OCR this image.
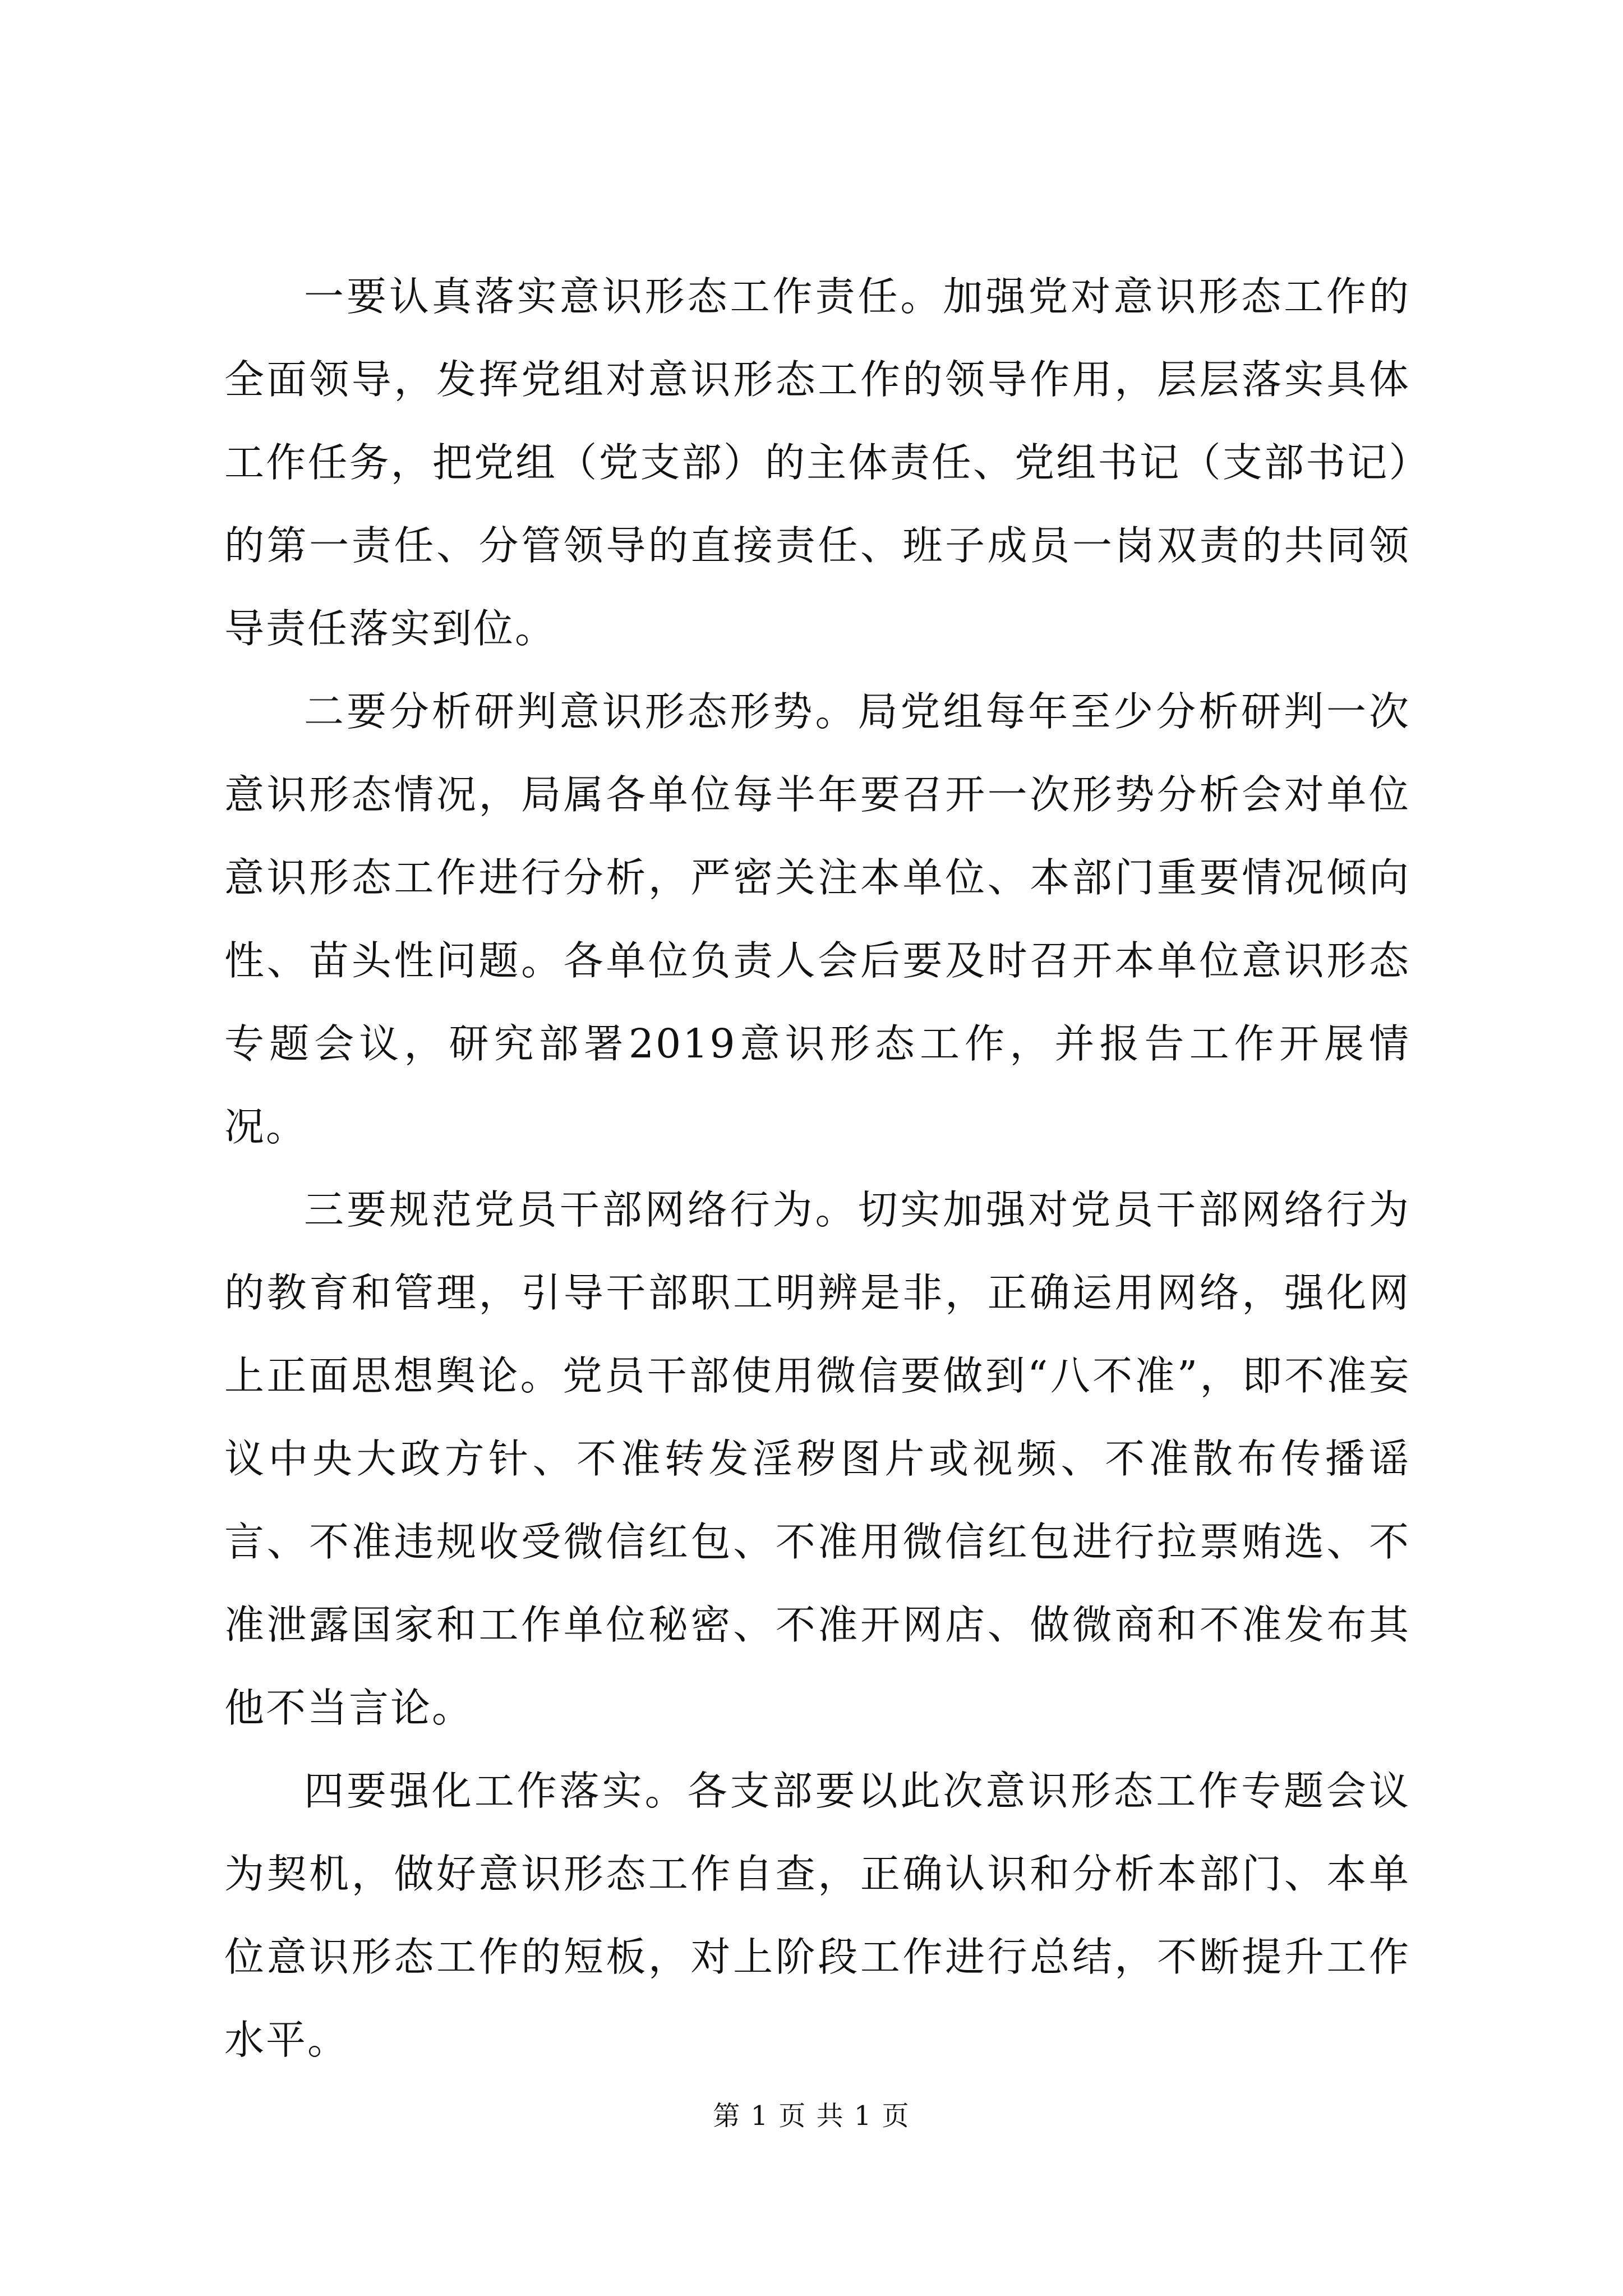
一要认真落实意识形态工作责任。加强党对意识形态工作的全面领导，发挥党组对意识形态工作的领导作用，层层落实具体工作任务，把党组（党支部）的主体责任、党组书记（支部书记）的第一责任、分管领导的直接责任、班子成员一岗双责的共同领导责任落实到位。

二要分析研判意识形态形势。局党组每年至少分析研判一次意识形态情况，局属各单位每半年要召开一次形势分析会对单位意识形态工作进行分析，严密关注本单位、本部门重要情况倾向性、苗头性问题。各单位负责人会后要及时召开本单位意识形态专题会议，研究部署2019意识形态工作，并报告工作开展情况。

三要规范党员干部网络行为。切实加强对党员干部网络行为的教育和管理，引导干部职工明辨是非，正确运用网络，强化网上正面思想舆论。党员干部使用微信要做到“八不准”，即不准妄议中央大政方针、不准转发淫秽图片或视频、不准散布传播谣言、不准违规收受微信红包、不准用微信红包进行拉票贿选、不准泄露国家和工作单位秘密、不准开网店、做微商和不准发布其他不当言论。

四要强化工作落实。各支部要以此次意识形态工作专题会议为契机，做好意识形态工作自查，正确认识和分析本部门、本单位意识形态工作的短板，对上阶段工作进行总结，不断提升工作水平。

第 1 页 共 1 页
